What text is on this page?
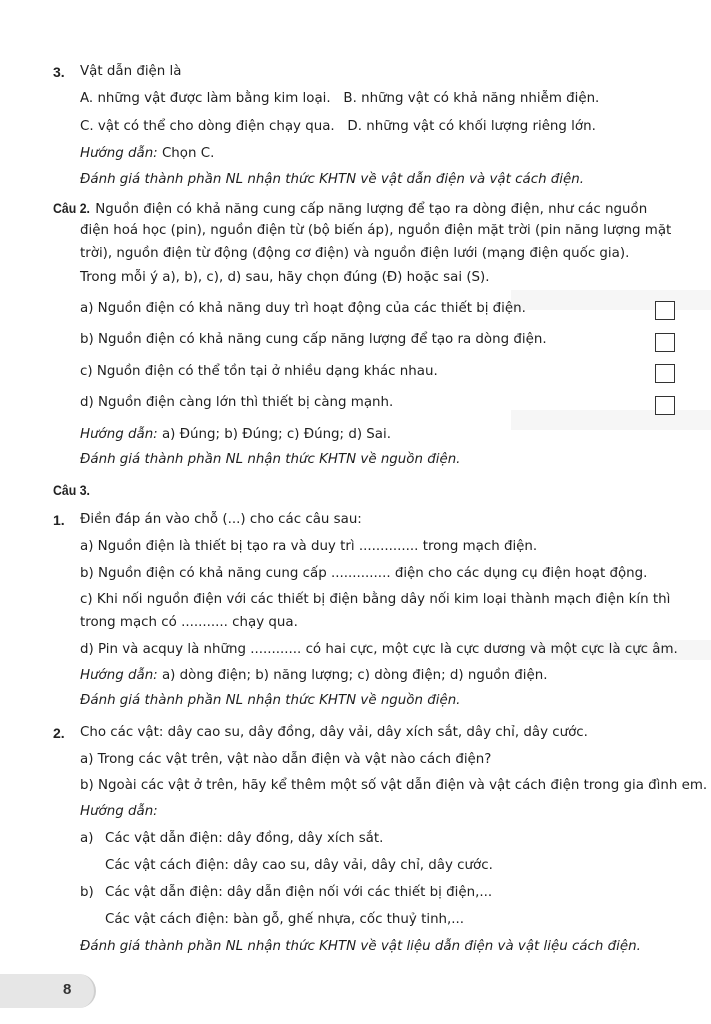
3. Vật dẫn điện là
A. những vật được làm bằng kim loại.   B. những vật có khả năng nhiễm điện.
C. vật có thể cho dòng điện chạy qua.   D. những vật có khối lượng riêng lớn.
Hướng dẫn: Chọn C.
Đánh giá thành phần NL nhận thức KHTN về vật dẫn điện và vật cách điện.
Câu 2. Nguồn điện có khả năng cung cấp năng lượng để tạo ra dòng điện, như các nguồn
điện hoá học (pin), nguồn điện từ (bộ biến áp), nguồn điện mặt trời (pin năng lượng mặt
trời), nguồn điện từ động (động cơ điện) và nguồn điện lưới (mạng điện quốc gia).
Trong mỗi ý a), b), c), d) sau, hãy chọn đúng (Đ) hoặc sai (S).
a) Nguồn điện có khả năng duy trì hoạt động của các thiết bị điện.
b) Nguồn điện có khả năng cung cấp năng lượng để tạo ra dòng điện.
c) Nguồn điện có thể tồn tại ở nhiều dạng khác nhau.
d) Nguồn điện càng lớn thì thiết bị càng mạnh.
Hướng dẫn: a) Đúng; b) Đúng; c) Đúng; d) Sai.
Đánh giá thành phần NL nhận thức KHTN về nguồn điện.
Câu 3.
1. Điền đáp án vào chỗ (...) cho các câu sau:
a) Nguồn điện là thiết bị tạo ra và duy trì .............. trong mạch điện.
b) Nguồn điện có khả năng cung cấp .............. điện cho các dụng cụ điện hoạt động.
c) Khi nối nguồn điện với các thiết bị điện bằng dây nối kim loại thành mạch điện kín thì
trong mạch có ........... chạy qua.
d) Pin và acquy là những ............ có hai cực, một cực là cực dương và một cực là cực âm.
Hướng dẫn: a) dòng điện; b) năng lượng; c) dòng điện; d) nguồn điện.
Đánh giá thành phần NL nhận thức KHTN về nguồn điện.
2. Cho các vật: dây cao su, dây đồng, dây vải, dây xích sắt, dây chỉ, dây cước.
a) Trong các vật trên, vật nào dẫn điện và vật nào cách điện?
b) Ngoài các vật ở trên, hãy kể thêm một số vật dẫn điện và vật cách điện trong gia đình em.
Hướng dẫn:
a) Các vật dẫn điện: dây đồng, dây xích sắt.
Các vật cách điện: dây cao su, dây vải, dây chỉ, dây cước.
b) Các vật dẫn điện: dây dẫn điện nối với các thiết bị điện,...
Các vật cách điện: bàn gỗ, ghế nhựa, cốc thuỷ tinh,...
Đánh giá thành phần NL nhận thức KHTN về vật liệu dẫn điện và vật liệu cách điện.
8
